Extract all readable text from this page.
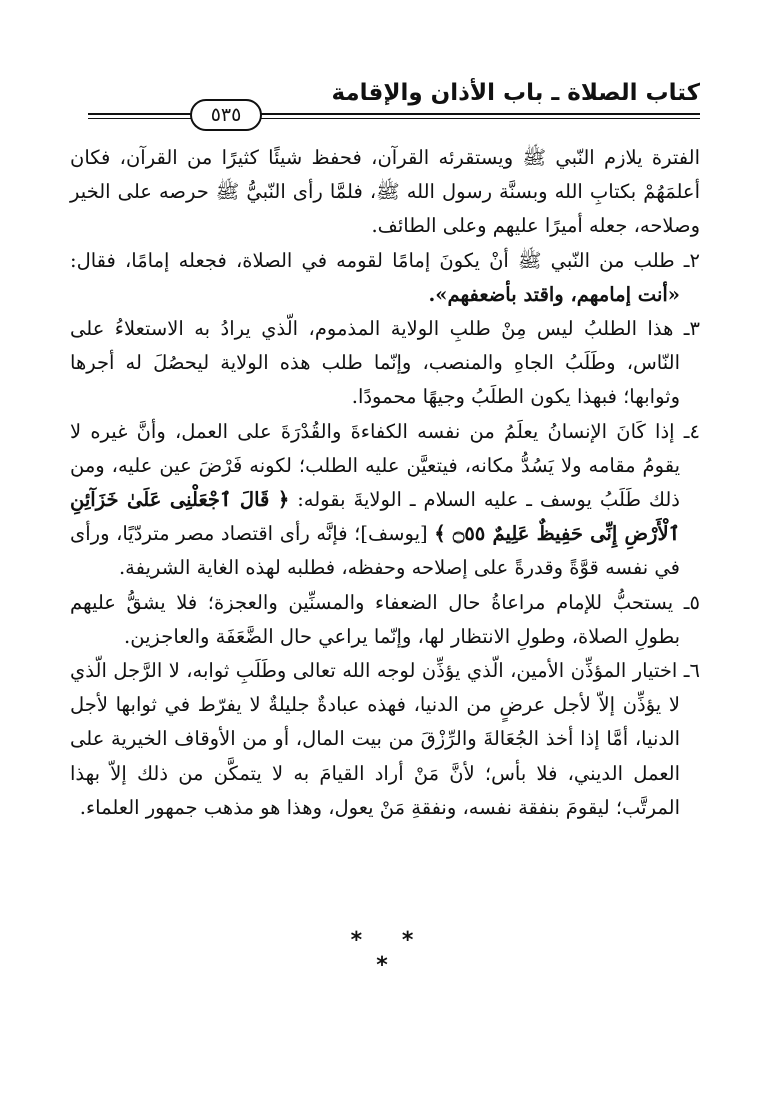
كتاب الصلاة ـ باب الأذان والإقامة
٥٣٥

الفترة يلازم النّبي ﷺ ويستقرئه القرآن، فحفظ شيئًا كثيرًا من القرآن، فكان أعلمَهُمْ بكتابِ الله وبسنَّة رسول الله ﷺ، فلمَّا رأى النّبيُّ ﷺ حرصه على الخير وصلاحه، جعله أميرًا عليهم وعلى الطائف.

٢ـ طلب من النّبي ﷺ أنْ يكونَ إمامًا لقومه في الصلاة، فجعله إمامًا، فقال: «أنت إمامهم، واقتد بأضعفهم».

٣ـ هذا الطلبُ ليس مِنْ طلبِ الولاية المذموم، الّذي يرادُ به الاستعلاءُ على النّاس، وطَلَبُ الجاهِ والمنصب، وإنّما طلب هذه الولاية ليحصُلَ له أجرها وثوابها؛ فبهذا يكون الطلَبُ وجيهًا محمودًا.

٤ـ إذا كَانَ الإنسانُ يعلَمُ من نفسه الكفاءةَ والقُدْرَةَ على العمل، وأنَّ غيره لا يقومُ مقامه ولا يَسُدُّ مكانه، فيتعيَّن عليه الطلب؛ لكونه فَرْضَ عين عليه، ومن ذلك طَلَبُ يوسف ـ عليه السلام ـ الولايةَ بقوله: ﴿ قَالَ ٱجْعَلْنِى عَلَىٰ خَزَآئِنِ ٱلْأَرْضِ إِنِّى حَفِيظٌ عَلِيمٌ ۝٥٥ ﴾ [يوسف]؛ فإنَّه رأى اقتصاد مصر متردّيًا، ورأى في نفسه قوَّةً وقدرةً على إصلاحه وحفظه، فطلبه لهذه الغاية الشريفة.

٥ـ يستحبُّ للإمام مراعاةُ حال الضعفاء والمسنِّين والعجزة؛ فلا يشقُّ عليهم بطولِ الصلاة، وطولِ الانتظار لها، وإنّما يراعي حال الضَّعَفَة والعاجزين.

٦ـ اختيار المؤذِّن الأمين، الّذي يؤذِّن لوجه الله تعالى وطَلَبِ ثوابه، لا الرَّجل الّذي لا يؤذِّن إلاّ لأجل عرضٍ من الدنيا، فهذه عبادةٌ جليلةٌ لا يفرّط في ثوابها لأجل الدنيا، أمَّا إذا أخذ الجُعَالةَ والرِّزْقَ من بيت المال، أو من الأوقاف الخيرية على العمل الديني، فلا بأس؛ لأنَّ مَنْ أراد القيامَ به لا يتمكَّن من ذلك إلاّ بهذا المرتَّب؛ ليقومَ بنفقة نفسه، ونفقةِ مَنْ يعول، وهذا هو مذهب جمهور العلماء.

* * *
